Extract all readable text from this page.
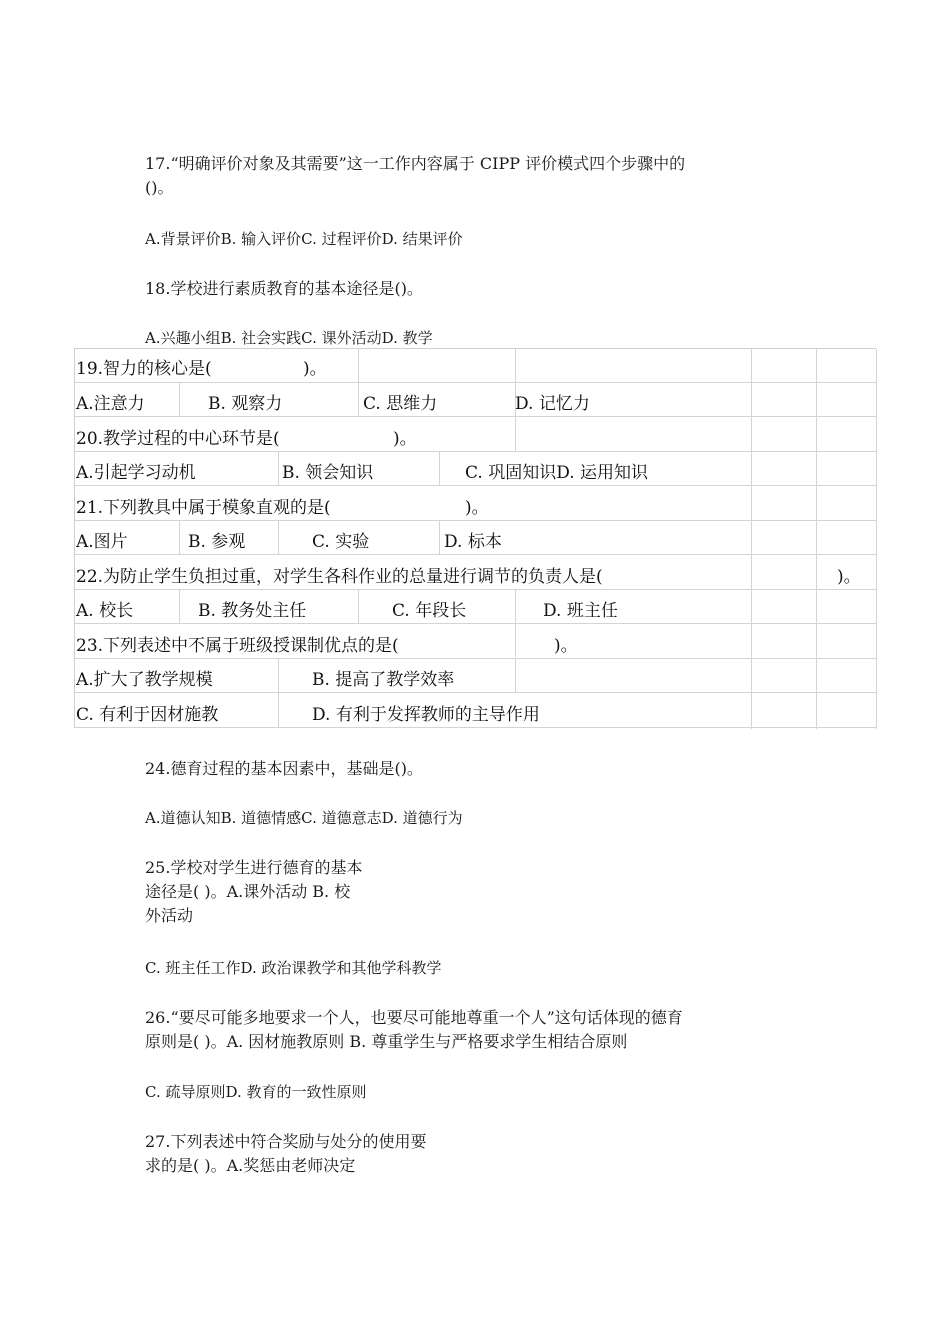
17.“明确评价对象及其需要”这一工作内容属于 CIPP 评价模式四个步骤中的
()。
A.背景评价B. 输入评价C. 过程评价D. 结果评价
18.学校进行素质教育的基本途径是()。
A.兴趣小组B. 社会实践C. 课外活动D. 教学
19.智力的核心是(	)。
A.注意力	B. 观察力	C. 思维力	D. 记忆力
20.教学过程的中心环节是(	)。
A.引起学习动机	B. 领会知识	C. 巩固知识D. 运用知识
21.下列教具中属于模象直观的是(	)。
A.图片	B. 参观	C. 实验	D. 标本
22.为防止学生负担过重，对学生各科作业的总量进行调节的负责人是(	)。
A. 校长	B. 教务处主任	C. 年段长	D. 班主任
23.下列表述中不属于班级授课制优点的是(	)。
A.扩大了教学规模	B. 提高了教学效率
C. 有利于因材施教	D. 有利于发挥教师的主导作用
24.德育过程的基本因素中，基础是()。
A.道德认知B. 道德情感C. 道德意志D. 道德行为
25.学校对学生进行德育的基本
途径是( )。A.课外活动 B. 校
外活动
C. 班主任工作D. 政治课教学和其他学科教学
26.“要尽可能多地要求一个人，也要尽可能地尊重一个人”这句话体现的德育
原则是( )。A. 因材施教原则 B. 尊重学生与严格要求学生相结合原则
C. 疏导原则D. 教育的一致性原则
27.下列表述中符合奖励与处分的使用要
求的是( )。A.奖惩由老师决定
